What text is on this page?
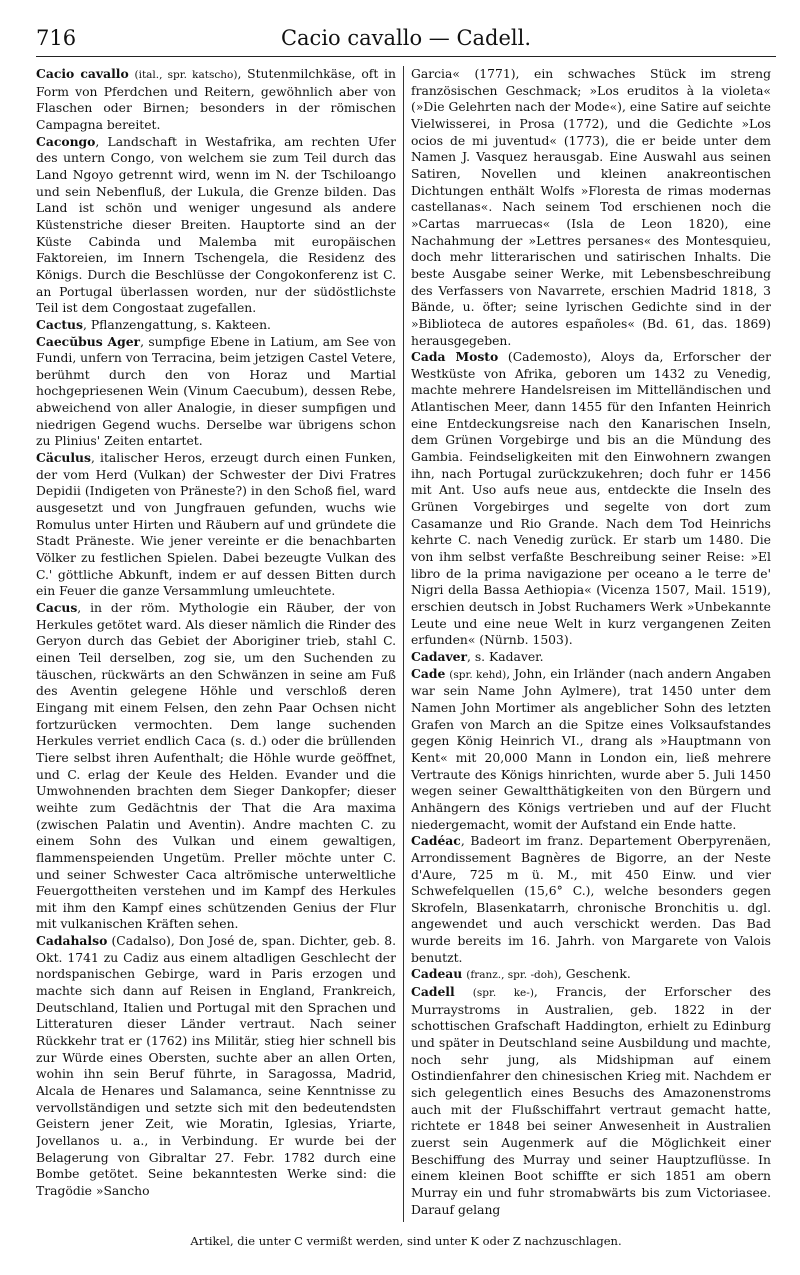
716	Cacio cavallo — Cadell.

Cacio cavallo (ital., spr. katscho), Stutenmilchkäse, oft in Form von Pferdchen und Reitern, gewöhnlich aber von Flaschen oder Birnen; besonders in der römischen Campagna bereitet.

Cacongo, Landschaft in Westafrika, am rechten Ufer des untern Congo, von welchem sie zum Teil durch das Land Ngoyo getrennt wird, wenn im N. der Tschiloango und sein Nebenfluß, der Lukula, die Grenze bilden. Das Land ist schön und weniger ungesund als andere Küstenstriche dieser Breiten. Hauptorte sind an der Küste Cabinda und Malemba mit europäischen Faktoreien, im Innern Tschengela, die Residenz des Königs. Durch die Beschlüsse der Congokonferenz ist C. an Portugal überlassen worden, nur der südöstlichste Teil ist dem Congostaat zugefallen.

Cactus, Pflanzengattung, s. Kakteen.

Caecŭbus Ager, sumpfige Ebene in Latium, am See von Fundi, unfern von Terracina, beim jetzigen Castel Vetere, berühmt durch den von Horaz und Martial hochgepriesenen Wein (Vinum Caecubum), dessen Rebe, abweichend von aller Analogie, in dieser sumpfigen und niedrigen Gegend wuchs. Derselbe war übrigens schon zu Plinius' Zeiten entartet.

Cäculus, italischer Heros, erzeugt durch einen Funken, der vom Herd (Vulkan) der Schwester der Divi Fratres Depidii (Indigeten von Präneste?) in den Schoß fiel, ward ausgesetzt und von Jungfrauen gefunden, wuchs wie Romulus unter Hirten und Räubern auf und gründete die Stadt Präneste. Wie jener vereinte er die benachbarten Völker zu festlichen Spielen. Dabei bezeugte Vulkan des C.' göttliche Abkunft, indem er auf dessen Bitten durch ein Feuer die ganze Versammlung umleuchtete.

Cacus, in der röm. Mythologie ein Räuber, der von Herkules getötet ward. Als dieser nämlich die Rinder des Geryon durch das Gebiet der Aboriginer trieb, stahl C. einen Teil derselben, zog sie, um den Suchenden zu täuschen, rückwärts an den Schwänzen in seine am Fuß des Aventin gelegene Höhle und verschloß deren Eingang mit einem Felsen, den zehn Paar Ochsen nicht fortzurücken vermochten. Dem lange suchenden Herkules verriet endlich Caca (s. d.) oder die brüllenden Tiere selbst ihren Aufenthalt; die Höhle wurde geöffnet, und C. erlag der Keule des Helden. Evander und die Umwohnenden brachten dem Sieger Dankopfer; dieser weihte zum Gedächtnis der That die Ara maxima (zwischen Palatin und Aventin). Andre machten C. zu einem Sohn des Vulkan und einem gewaltigen, flammenspeienden Ungetüm. Preller möchte unter C. und seiner Schwester Caca altrömische unterweltliche Feuergottheiten verstehen und im Kampf des Herkules mit ihm den Kampf eines schützenden Genius der Flur mit vulkanischen Kräften sehen.

Cadahalso (Cadalso), Don José de, span. Dichter, geb. 8. Okt. 1741 zu Cadiz aus einem altadligen Geschlecht der nordspanischen Gebirge, ward in Paris erzogen und machte sich dann auf Reisen in England, Frankreich, Deutschland, Italien und Portugal mit den Sprachen und Litteraturen dieser Länder vertraut. Nach seiner Rückkehr trat er (1762) ins Militär, stieg hier schnell bis zur Würde eines Obersten, suchte aber an allen Orten, wohin ihn sein Beruf führte, in Saragossa, Madrid, Alcala de Henares und Salamanca, seine Kenntnisse zu vervollständigen und setzte sich mit den bedeutendsten Geistern jener Zeit, wie Moratin, Iglesias, Yriarte, Jovellanos u. a., in Verbindung. Er wurde bei der Belagerung von Gibraltar 27. Febr. 1782 durch eine Bombe getötet. Seine bekanntesten Werke sind: die Tragödie »Sancho

Garcia« (1771), ein schwaches Stück im streng französischen Geschmack; »Los eruditos à la violeta« (»Die Gelehrten nach der Mode«), eine Satire auf seichte Vielwisserei, in Prosa (1772), und die Gedichte »Los ocios de mi juventud« (1773), die er beide unter dem Namen J. Vasquez herausgab. Eine Auswahl aus seinen Satiren, Novellen und kleinen anakreontischen Dichtungen enthält Wolfs »Floresta de rimas modernas castellanas«. Nach seinem Tod erschienen noch die »Cartas marruecas« (Isla de Leon 1820), eine Nachahmung der »Lettres persanes« des Montesquieu, doch mehr litterarischen und satirischen Inhalts. Die beste Ausgabe seiner Werke, mit Lebensbeschreibung des Verfassers von Navarrete, erschien Madrid 1818, 3 Bände, u. öfter; seine lyrischen Gedichte sind in der »Biblioteca de autores españoles« (Bd. 61, das. 1869) herausgegeben.

Cada Mosto (Cademosto), Aloys da, Erforscher der Westküste von Afrika, geboren um 1432 zu Venedig, machte mehrere Handelsreisen im Mittelländischen und Atlantischen Meer, dann 1455 für den Infanten Heinrich eine Entdeckungsreise nach den Kanarischen Inseln, dem Grünen Vorgebirge und bis an die Mündung des Gambia. Feindseligkeiten mit den Einwohnern zwangen ihn, nach Portugal zurückzukehren; doch fuhr er 1456 mit Ant. Uso aufs neue aus, entdeckte die Inseln des Grünen Vorgebirges und segelte von dort zum Casamanze und Rio Grande. Nach dem Tod Heinrichs kehrte C. nach Venedig zurück. Er starb um 1480. Die von ihm selbst verfaßte Beschreibung seiner Reise: »El libro de la prima navigazione per oceano a le terre de' Nigri della Bassa Aethiopia« (Vicenza 1507, Mail. 1519), erschien deutsch in Jobst Ruchamers Werk »Unbekannte Leute und eine neue Welt in kurz vergangenen Zeiten erfunden« (Nürnb. 1503).

Cadaver, s. Kadaver.

Cade (spr. kehd), John, ein Irländer (nach andern Angaben war sein Name John Aylmere), trat 1450 unter dem Namen John Mortimer als angeblicher Sohn des letzten Grafen von March an die Spitze eines Volksaufstandes gegen König Heinrich VI., drang als »Hauptmann von Kent« mit 20,000 Mann in London ein, ließ mehrere Vertraute des Königs hinrichten, wurde aber 5. Juli 1450 wegen seiner Gewaltthätigkeiten von den Bürgern und Anhängern des Königs vertrieben und auf der Flucht niedergemacht, womit der Aufstand ein Ende hatte.

Cadéac, Badeort im franz. Departement Oberpyrenäen, Arrondissement Bagnères de Bigorre, an der Neste d'Aure, 725 m ü. M., mit 450 Einw. und vier Schwefelquellen (15,6° C.), welche besonders gegen Skrofeln, Blasenkatarrh, chronische Bronchitis u. dgl. angewendet und auch verschickt werden. Das Bad wurde bereits im 16. Jahrh. von Margarete von Valois benutzt.

Cadeau (franz., spr. -doh), Geschenk.

Cadell (spr. ke-), Francis, der Erforscher des Murraystroms in Australien, geb. 1822 in der schottischen Grafschaft Haddington, erhielt zu Edinburg und später in Deutschland seine Ausbildung und machte, noch sehr jung, als Midshipman auf einem Ostindienfahrer den chinesischen Krieg mit. Nachdem er sich gelegentlich eines Besuchs des Amazonenstroms auch mit der Flußschiffahrt vertraut gemacht hatte, richtete er 1848 bei seiner Anwesenheit in Australien zuerst sein Augenmerk auf die Möglichkeit einer Beschiffung des Murray und seiner Hauptzuflüsse. In einem kleinen Boot schiffte er sich 1851 am obern Murray ein und fuhr stromabwärts bis zum Victoriasee. Darauf gelang

Artikel, die unter C vermißt werden, sind unter K oder Z nachzuschlagen.
